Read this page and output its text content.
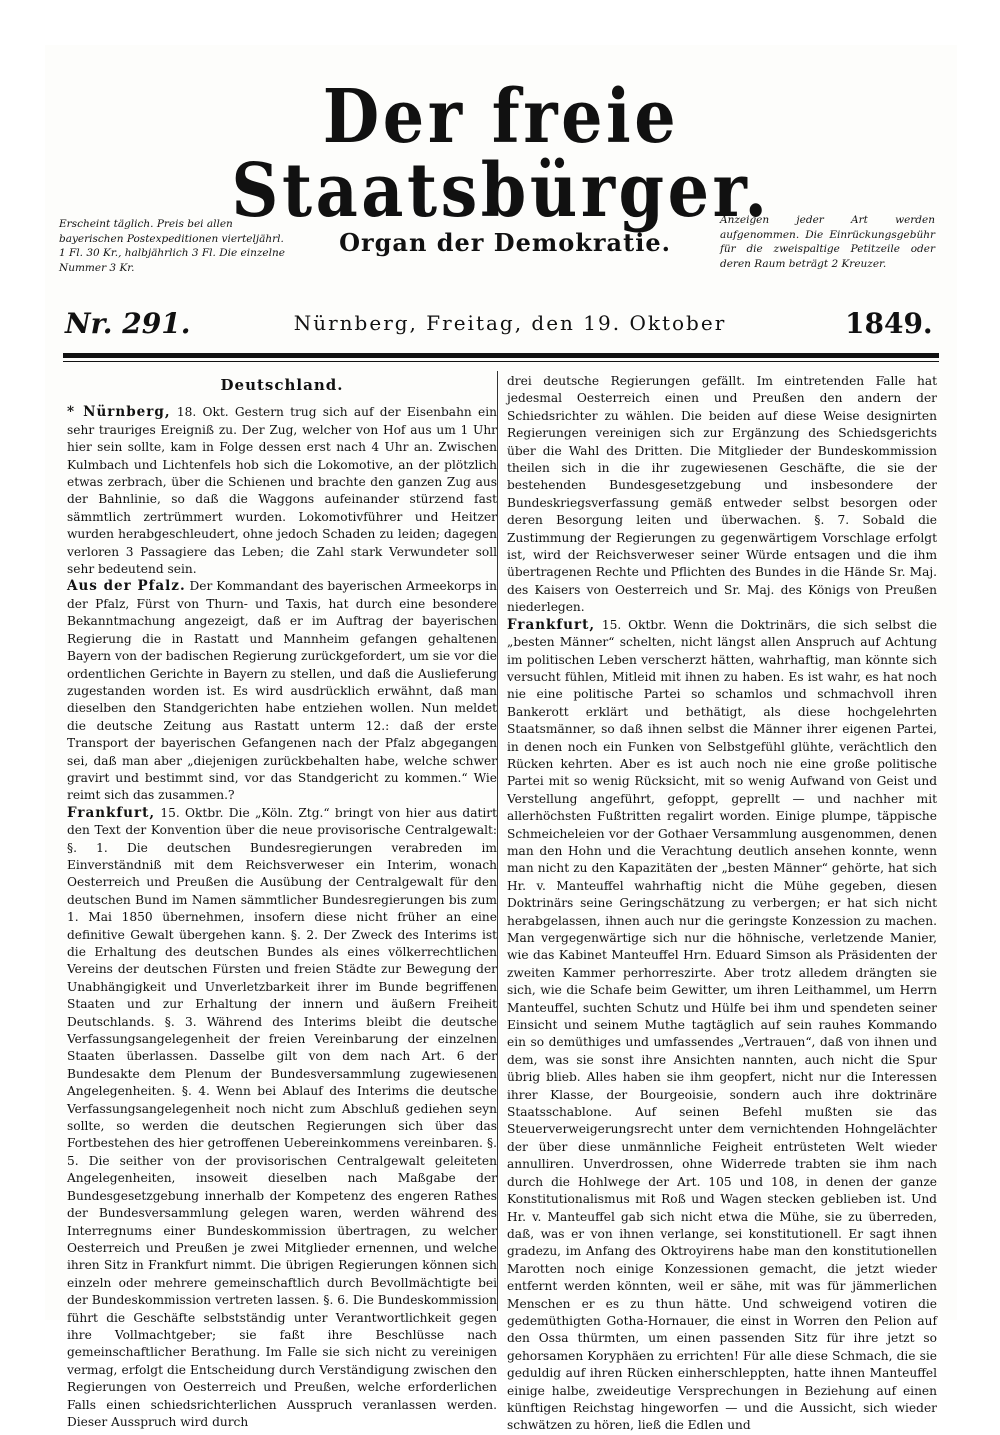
Der freie Staatsbürger.
Erscheint täglich. Preis bei allen bayerischen Postexpeditionen vierteljährl. 1 Fl. 30 Kr., halbjährlich 3 Fl. Die einzelne Nummer 3 Kr.
Organ der Demokratie.
Anzeigen jeder Art werden aufgenommen. Die Einrückungsgebühr für die zweispaltige Petitzeile oder deren Raum beträgt 2 Kreuzer.
Nr. 291.	Nürnberg, Freitag, den 19. Oktober	1849.
Deutschland.

* Nürnberg, 18. Okt. Gestern trug sich auf der Eisenbahn ein sehr trauriges Ereigniß zu. Der Zug, welcher von Hof aus um 1 Uhr hier sein sollte, kam in Folge dessen erst nach 4 Uhr an. Zwischen Kulmbach und Lichtenfels hob sich die Lokomotive, an der plötzlich etwas zerbrach, über die Schienen und brachte den ganzen Zug aus der Bahnlinie, so daß die Waggons aufeinander stürzend fast sämmtlich zertrümmert wurden. Lokomotivführer und Heitzer wurden herabgeschleudert, ohne jedoch Schaden zu leiden; dagegen verloren 3 Passagiere das Leben; die Zahl stark Verwundeter soll sehr bedeutend sein.

Aus der Pfalz. Der Kommandant des bayerischen Armeekorps in der Pfalz, Fürst von Thurn- und Taxis, hat durch eine besondere Bekanntmachung angezeigt, daß er im Auftrag der bayerischen Regierung die in Rastatt und Mannheim gefangen gehaltenen Bayern von der badischen Regierung zurückgefordert, um sie vor die ordentlichen Gerichte in Bayern zu stellen, und daß die Auslieferung zugestanden worden ist. Es wird ausdrücklich erwähnt, daß man dieselben den Standgerichten habe entziehen wollen. Nun meldet die deutsche Zeitung aus Rastatt unterm 12.: daß der erste Transport der bayerischen Gefangenen nach der Pfalz abgegangen sei, daß man aber „diejenigen zurückbehalten habe, welche schwer gravirt und bestimmt sind, vor das Standgericht zu kommen.“ Wie reimt sich das zusammen.?

Frankfurt, 15. Oktbr. Die „Köln. Ztg.“ bringt von hier aus datirt den Text der Konvention über die neue provisorische Centralgewalt: §. 1. Die deutschen Bundesregierungen verabreden im Einverständniß mit dem Reichsverweser ein Interim, wonach Oesterreich und Preußen die Ausübung der Centralgewalt für den deutschen Bund im Namen sämmtlicher Bundesregierungen bis zum 1. Mai 1850 übernehmen, insofern diese nicht früher an eine definitive Gewalt übergehen kann. §. 2. Der Zweck des Interims ist die Erhaltung des deutschen Bundes als eines völkerrechtlichen Vereins der deutschen Fürsten und freien Städte zur Bewegung der Unabhängigkeit und Unverletzbarkeit ihrer im Bunde begriffenen Staaten und zur Erhaltung der innern und äußern Freiheit Deutschlands. §. 3. Während des Interims bleibt die deutsche Verfassungsangelegenheit der freien Vereinbarung der einzelnen Staaten überlassen. Dasselbe gilt von dem nach Art. 6 der Bundesakte dem Plenum der Bundesversammlung zugewiesenen Angelegenheiten. §. 4. Wenn bei Ablauf des Interims die deutsche Verfassungsangelegenheit noch nicht zum Abschluß gediehen seyn sollte, so werden die deutschen Regierungen sich über das Fortbestehen des hier getroffenen Uebereinkommens vereinbaren. §. 5. Die seither von der provisorischen Centralgewalt geleiteten Angelegenheiten, insoweit dieselben nach Maßgabe der Bundesgesetzgebung innerhalb der Kompetenz des engeren Rathes der Bundesversammlung gelegen waren, werden während des Interregnums einer Bundeskommission übertragen, zu welcher Oesterreich und Preußen je zwei Mitglieder ernennen, und welche ihren Sitz in Frankfurt nimmt. Die übrigen Regierungen können sich einzeln oder mehrere gemeinschaftlich durch Bevollmächtigte bei der Bundeskommission vertreten lassen. §. 6. Die Bundeskommission führt die Geschäfte selbstständig unter Verantwortlichkeit gegen ihre Vollmachtgeber; sie faßt ihre Beschlüsse nach gemeinschaftlicher Berathung. Im Falle sie sich nicht zu vereinigen vermag, erfolgt die Entscheidung durch Verständigung zwischen den Regierungen von Oesterreich und Preußen, welche erforderlichen Falls einen schiedsrichterlichen Ausspruch veranlassen werden. Dieser Ausspruch wird durch

drei deutsche Regierungen gefällt. Im eintretenden Falle hat jedesmal Oesterreich einen und Preußen den andern der Schiedsrichter zu wählen. Die beiden auf diese Weise designirten Regierungen vereinigen sich zur Ergänzung des Schiedsgerichts über die Wahl des Dritten. Die Mitglieder der Bundeskommission theilen sich in die ihr zugewiesenen Geschäfte, die sie der bestehenden Bundesgesetzgebung und insbesondere der Bundeskriegsverfassung gemäß entweder selbst besorgen oder deren Besorgung leiten und überwachen. §. 7. Sobald die Zustimmung der Regierungen zu gegenwärtigem Vorschlage erfolgt ist, wird der Reichsverweser seiner Würde entsagen und die ihm übertragenen Rechte und Pflichten des Bundes in die Hände Sr. Maj. des Kaisers von Oesterreich und Sr. Maj. des Königs von Preußen niederlegen.

Frankfurt, 15. Oktbr. Wenn die Doktrinärs, die sich selbst die „besten Männer“ schelten, nicht längst allen Anspruch auf Achtung im politischen Leben verscherzt hätten, wahrhaftig, man könnte sich versucht fühlen, Mitleid mit ihnen zu haben. Es ist wahr, es hat noch nie eine politische Partei so schamlos und schmachvoll ihren Bankerott erklärt und bethätigt, als diese hochgelehrten Staatsmänner, so daß ihnen selbst die Männer ihrer eigenen Partei, in denen noch ein Funken von Selbstgefühl glühte, verächtlich den Rücken kehrten. Aber es ist auch noch nie eine große politische Partei mit so wenig Rücksicht, mit so wenig Aufwand von Geist und Verstellung angeführt, gefoppt, geprellt — und nachher mit allerhöchsten Fußtritten regalirt worden. Einige plumpe, täppische Schmeicheleien vor der Gothaer Versammlung ausgenommen, denen man den Hohn und die Verachtung deutlich ansehen konnte, wenn man nicht zu den Kapazitäten der „besten Männer“ gehörte, hat sich Hr. v. Manteuffel wahrhaftig nicht die Mühe gegeben, diesen Doktrinärs seine Geringschätzung zu verbergen; er hat sich nicht herabgelassen, ihnen auch nur die geringste Konzession zu machen. Man vergegenwärtige sich nur die höhnische, verletzende Manier, wie das Kabinet Manteuffel Hrn. Eduard Simson als Präsidenten der zweiten Kammer perhorreszirte. Aber trotz alledem drängten sie sich, wie die Schafe beim Gewitter, um ihren Leithammel, um Herrn Manteuffel, suchten Schutz und Hülfe bei ihm und spendeten seiner Einsicht und seinem Muthe tagtäglich auf sein rauhes Kommando ein so demüthiges und umfassendes „Vertrauen“, daß von ihnen und dem, was sie sonst ihre Ansichten nannten, auch nicht die Spur übrig blieb. Alles haben sie ihm geopfert, nicht nur die Interessen ihrer Klasse, der Bourgeoisie, sondern auch ihre doktrinäre Staatsschablone. Auf seinen Befehl mußten sie das Steuerverweigerungsrecht unter dem vernichtenden Hohngelächter der über diese unmännliche Feigheit entrüsteten Welt wieder annulliren. Unverdrossen, ohne Widerrede trabten sie ihm nach durch die Hohlwege der Art. 105 und 108, in denen der ganze Konstitutionalismus mit Roß und Wagen stecken geblieben ist. Und Hr. v. Manteuffel gab sich nicht etwa die Mühe, sie zu überreden, daß, was er von ihnen verlange, sei konstitutionell. Er sagt ihnen gradezu, im Anfang des Oktroyirens habe man den konstitutionellen Marotten noch einige Konzessionen gemacht, die jetzt wieder entfernt werden könnten, weil er sähe, mit was für jämmerlichen Menschen er es zu thun hätte. Und schweigend votiren die gedemüthigten Gotha-Hornauer, die einst in Worren den Pelion auf den Ossa thürmten, um einen passenden Sitz für ihre jetzt so gehorsamen Koryphäen zu errichten! Für alle diese Schmach, die sie geduldig auf ihren Rücken einherschleppten, hatte ihnen Manteuffel einige halbe, zweideutige Versprechungen in Beziehung auf einen künftigen Reichstag hingeworfen — und die Aussicht, sich wieder schwätzen zu hören, ließ die Edlen und
